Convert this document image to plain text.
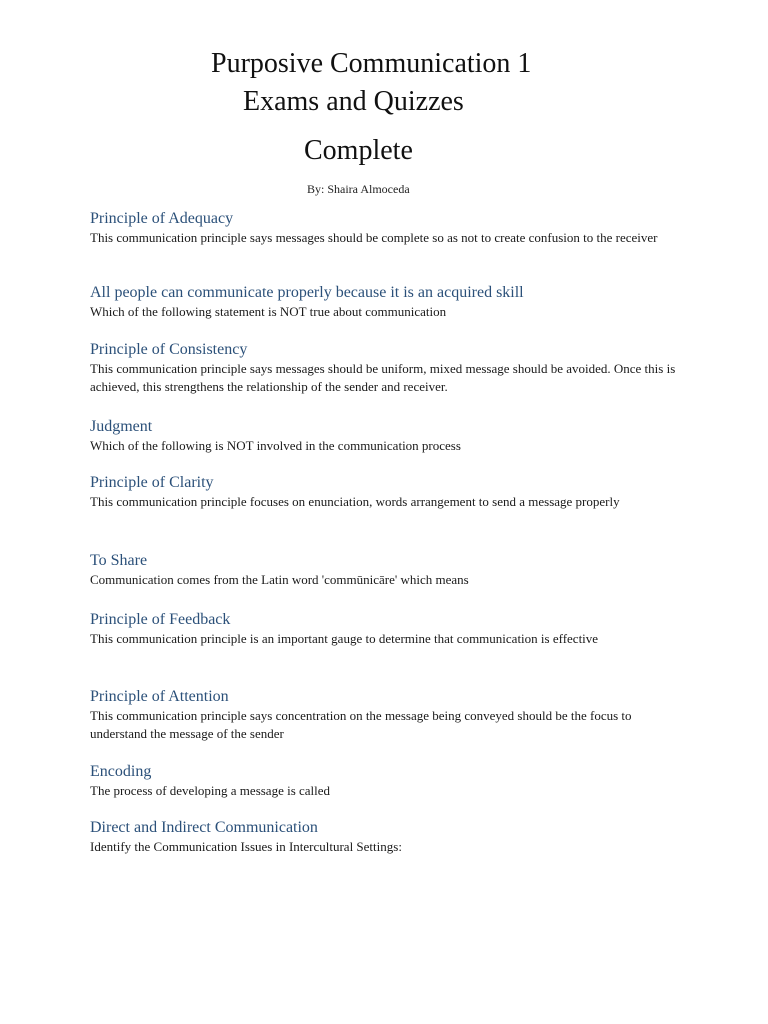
Purposive Communication 1
Exams and Quizzes
Complete
By: Shaira Almoceda
Principle of Adequacy
This communication principle says messages should be complete so as not to create confusion to the receiver
All people can communicate properly because it is an acquired skill
Which of the following statement is NOT true about communication
Principle of Consistency
This communication principle says messages should be uniform, mixed message should be avoided. Once this is achieved, this strengthens the relationship of the sender and receiver.
Judgment
Which of the following is NOT involved in the communication process
Principle of Clarity
This communication principle focuses on enunciation, words arrangement to send a message properly
To Share
Communication comes from the Latin word 'commūnicāre' which means
Principle of Feedback
This communication principle is an important gauge to determine that communication is effective
Principle of Attention
This communication principle says concentration on the message being conveyed should be the focus to understand the message of the sender
Encoding
The process of developing a message is called
Direct and Indirect Communication
Identify the Communication Issues in Intercultural Settings:
